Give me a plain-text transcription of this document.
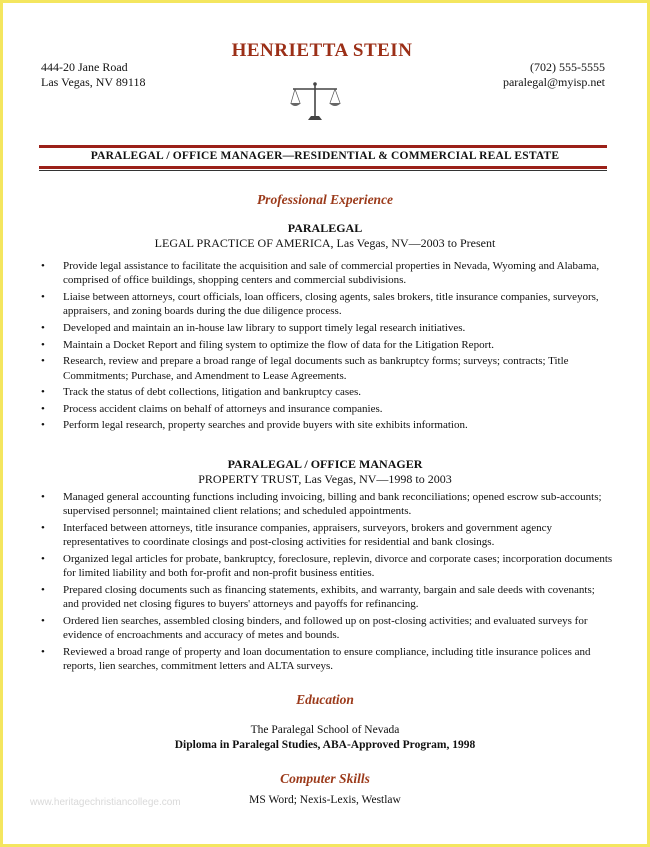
HENRIETTA STEIN
444-20 Jane Road
Las Vegas, NV 89118
(702) 555-5555
paralegal@myisp.net
PARALEGAL / OFFICE MANAGER—RESIDENTIAL & COMMERCIAL REAL ESTATE
Professional Experience
PARALEGAL
LEGAL PRACTICE OF AMERICA, Las Vegas, NV—2003 to Present
• Provide legal assistance to facilitate the acquisition and sale of commercial properties in Nevada, Wyoming and Alabama, comprised of office buildings, shopping centers and commercial subdivisions.
• Liaise between attorneys, court officials, loan officers, closing agents, sales brokers, title insurance companies, surveyors, appraisers, and zoning boards during the due diligence process.
• Developed and maintain an in-house law library to support timely legal research initiatives.
• Maintain a Docket Report and filing system to optimize the flow of data for the Litigation Report.
• Research, review and prepare a broad range of legal documents such as bankruptcy forms; surveys; contracts; Title Commitments; Purchase, and Amendment to Lease Agreements.
• Track the status of debt collections, litigation and bankruptcy cases.
• Process accident claims on behalf of attorneys and insurance companies.
• Perform legal research, property searches and provide buyers with site exhibits information.
PARALEGAL / OFFICE MANAGER
PROPERTY TRUST, Las Vegas, NV—1998 to 2003
• Managed general accounting functions including invoicing, billing and bank reconciliations; opened escrow sub-accounts; supervised personnel; maintained client relations; and scheduled appointments.
• Interfaced between attorneys, title insurance companies, appraisers, surveyors, brokers and government agency representatives to coordinate closings and post-closing activities for residential and bank closings.
• Organized legal articles for probate, bankruptcy, foreclosure, replevin, divorce and corporate cases; incorporation documents for limited liability and both for-profit and non-profit business entities.
• Prepared closing documents such as financing statements, exhibits, and warranty, bargain and sale deeds with covenants; and provided net closing figures to buyers' attorneys and payoffs for refinancing.
• Ordered lien searches, assembled closing binders, and followed up on post-closing activities; and evaluated surveys for evidence of encroachments and accuracy of metes and bounds.
• Reviewed a broad range of property and loan documentation to ensure compliance, including title insurance polices and reports, lien searches, commitment letters and ALTA surveys.
Education
The Paralegal School of Nevada
Diploma in Paralegal Studies, ABA-Approved Program, 1998
Computer Skills
MS Word; Nexis-Lexis, Westlaw
www.heritagechristiancollege.com
